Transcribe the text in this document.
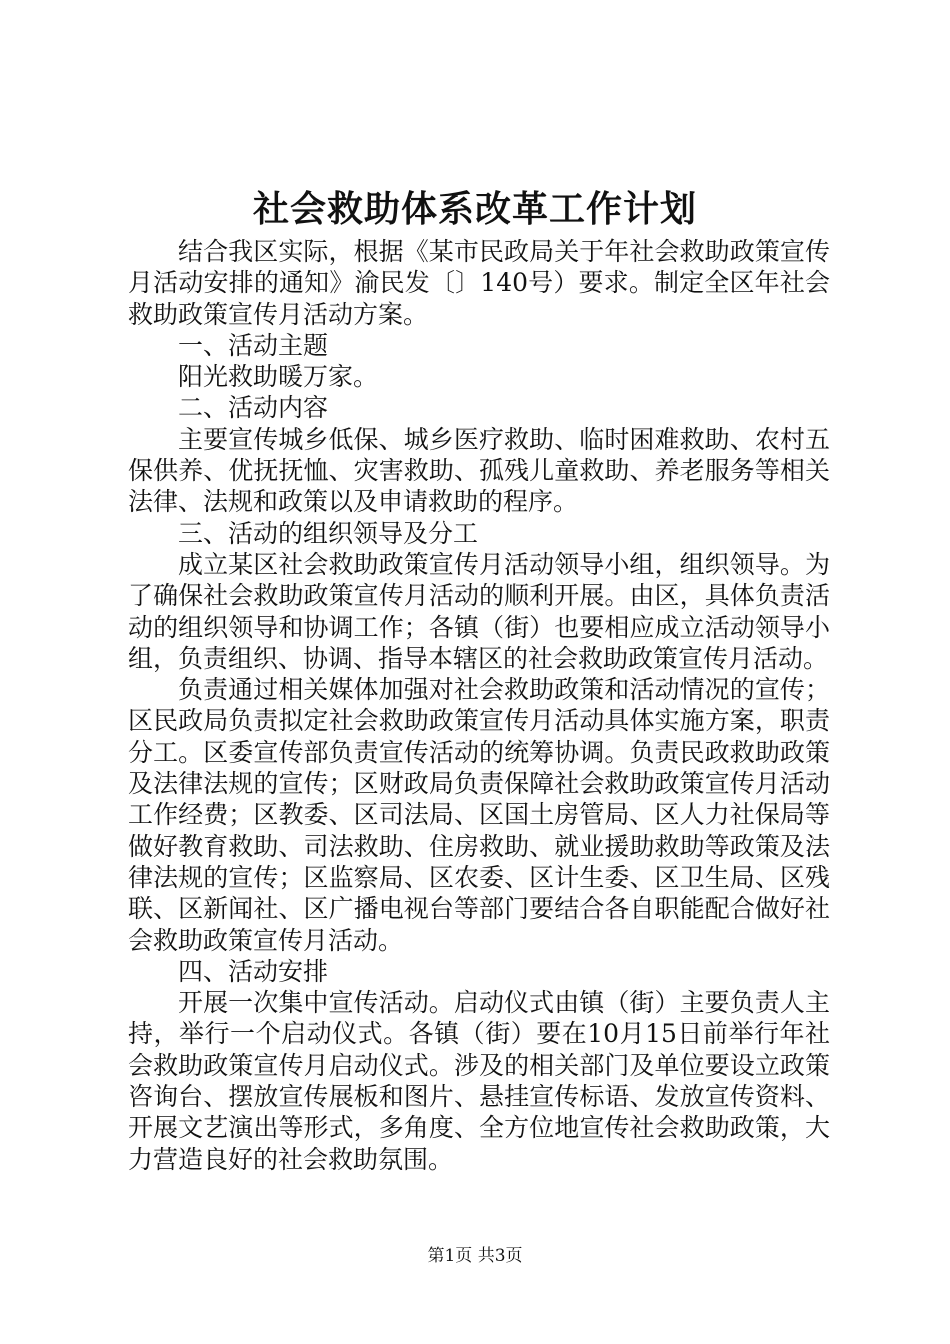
社会救助体系改革工作计划

结合我区实际，根据《某市民政局关于年社会救助政策宣传月活动安排的通知》渝民发〔〕140号）要求。制定全区年社会救助政策宣传月活动方案。

一、活动主题

阳光救助暖万家。

二、活动内容

主要宣传城乡低保、城乡医疗救助、临时困难救助、农村五保供养、优抚抚恤、灾害救助、孤残儿童救助、养老服务等相关法律、法规和政策以及申请救助的程序。

三、活动的组织领导及分工

成立某区社会救助政策宣传月活动领导小组，组织领导。为了确保社会救助政策宣传月活动的顺利开展。由区，具体负责活动的组织领导和协调工作；各镇（街）也要相应成立活动领导小组，负责组织、协调、指导本辖区的社会救助政策宣传月活动。

负责通过相关媒体加强对社会救助政策和活动情况的宣传；区民政局负责拟定社会救助政策宣传月活动具体实施方案，职责分工。区委宣传部负责宣传活动的统筹协调。负责民政救助政策及法律法规的宣传；区财政局负责保障社会救助政策宣传月活动工作经费；区教委、区司法局、区国土房管局、区人力社保局等做好教育救助、司法救助、住房救助、就业援助救助等政策及法律法规的宣传；区监察局、区农委、区计生委、区卫生局、区残联、区新闻社、区广播电视台等部门要结合各自职能配合做好社会救助政策宣传月活动。

四、活动安排

开展一次集中宣传活动。启动仪式由镇（街）主要负责人主持，举行一个启动仪式。各镇（街）要在10月15日前举行年社会救助政策宣传月启动仪式。涉及的相关部门及单位要设立政策咨询台、摆放宣传展板和图片、悬挂宣传标语、发放宣传资料、开展文艺演出等形式，多角度、全方位地宣传社会救助政策，大力营造良好的社会救助氛围。

第1页 共3页
